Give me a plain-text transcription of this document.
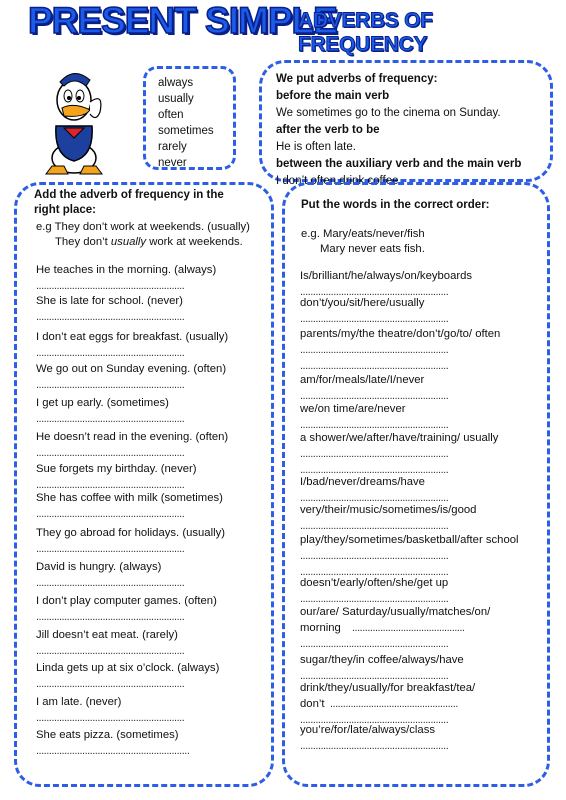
PRESENT SIMPLE
ADVERBS OF FREQUENCY
always
usually
often
sometimes
rarely
never
We put adverbs of frequency:
before the main verb
We sometimes go to the cinema on Sunday.
after the verb to be
He is often late.
between the auxiliary verb and the main verb
I don’t often drink coffee.
Add the adverb of frequency in the
right place:
e.g They don’t work at weekends. (usually)
They don’t usually work at weekends.
He teaches in the morning. (always)
..........................................................
She is late for school. (never)
..........................................................
I don’t eat eggs for breakfast. (usually)
..........................................................
We go out on Sunday evening. (often)
..........................................................
I get up early. (sometimes)
..........................................................
He doesn’t read in the evening. (often)
..........................................................
Sue forgets my birthday. (never)
..........................................................
She has coffee with milk (sometimes)
..........................................................
They go abroad for holidays. (usually)
..........................................................
David is hungry. (always)
..........................................................
I don’t play computer games. (often)
..........................................................
Jill doesn’t eat meat. (rarely)
..........................................................
Linda gets up at six o’clock. (always)
..........................................................
I am late. (never)
..........................................................
She eats pizza. (sometimes)
............................................................
Put the words in the correct order:
e.g. Mary/eats/never/fish
Mary never eats fish.
Is/brilliant/he/always/on/keyboards
..........................................................
don’t/you/sit/here/usually
..........................................................
parents/my/the theatre/don’t/go/to/ often
..........................................................
..........................................................
am/for/meals/late/I/never
..........................................................
we/on time/are/never
..........................................................
a shower/we/after/have/training/ usually
..........................................................
..........................................................
I/bad/never/dreams/have
..........................................................
very/their/music/sometimes/is/good
..........................................................
play/they/sometimes/basketball/after school
..........................................................
..........................................................
doesn’t/early/often/she/get up
..........................................................
our/are/ Saturday/usually/matches/on/
morning ............................................
..........................................................
sugar/they/in coffee/always/have
..........................................................
drink/they/usually/for breakfast/tea/
don’t ..................................................
..........................................................
you’re/for/late/always/class
..........................................................
